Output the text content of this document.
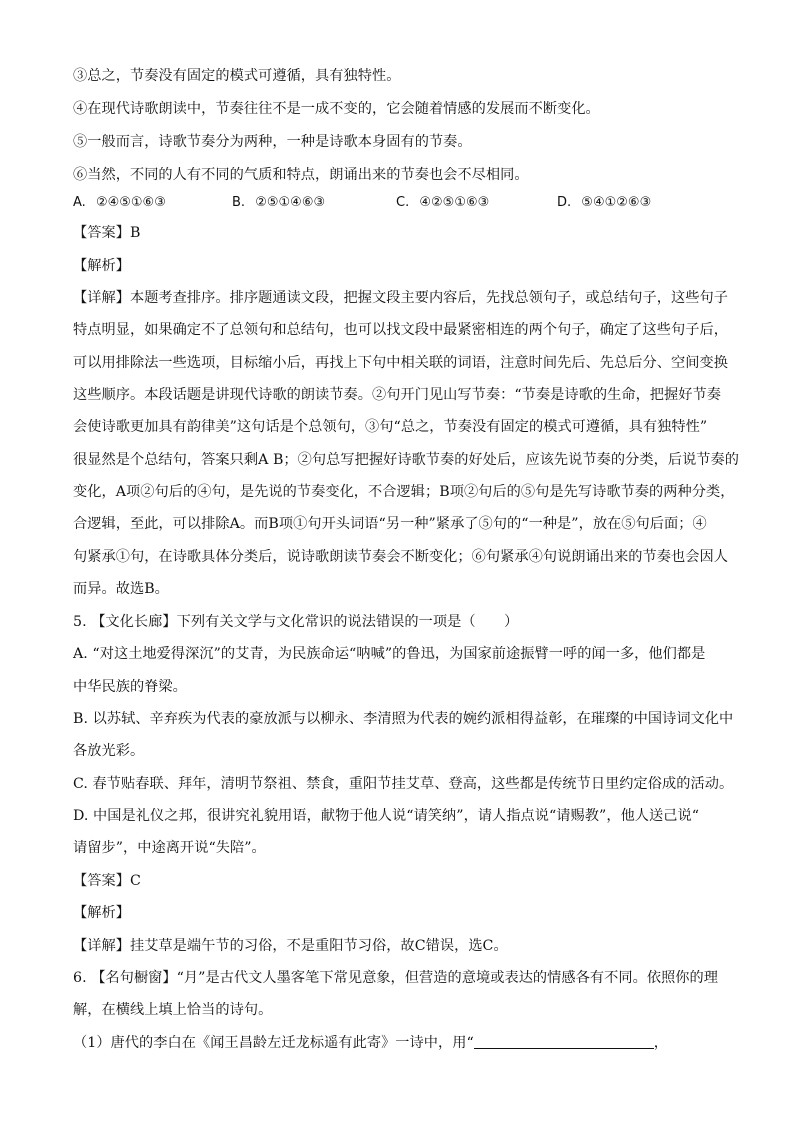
③总之，节奏没有固定的模式可遵循，具有独特性。
④在现代诗歌朗读中，节奏往往不是一成不变的，它会随着情感的发展而不断变化。
⑤一般而言，诗歌节奏分为两种，一种是诗歌本身固有的节奏。
⑥当然，不同的人有不同的气质和特点，朗诵出来的节奏也会不尽相同。
A. ②④⑤①⑥③	B. ②⑤①④⑥③	C. ④②⑤①⑥③	D. ⑤④①②⑥③
【答案】B
【解析】
【详解】本题考查排序。排序题通读文段，把握文段主要内容后，先找总领句子，或总结句子，这些句子
特点明显，如果确定不了总领句和总结句，也可以找文段中最紧密相连的两个句子，确定了这些句子后，
可以用排除法一些选项，目标缩小后，再找上下句中相关联的词语，注意时间先后、先总后分、空间变换
这些顺序。本段话题是讲现代诗歌的朗读节奏。②句开门见山写节奏：“节奏是诗歌的生命，把握好节奏
会使诗歌更加具有韵律美”这句话是个总领句，③句“总之，节奏没有固定的模式可遵循，具有独特性”
很显然是个总结句，答案只剩A B；②句总写把握好诗歌节奏的好处后，应该先说节奏的分类，后说节奏的
变化，A项②句后的④句，是先说的节奏变化，不合逻辑；B项②句后的⑤句是先写诗歌节奏的两种分类，
合逻辑，至此，可以排除A。而B项①句开头词语“另一种”紧承了⑤句的“一种是”，放在⑤句后面；④
句紧承①句，在诗歌具体分类后，说诗歌朗读节奏会不断变化；⑥句紧承④句说朗诵出来的节奏也会因人
而异。故选B。
5. 【文化长廊】下列有关文学与文化常识的说法错误的一项是（　　）
A. “对这土地爱得深沉”的艾青，为民族命运“呐喊”的鲁迅，为国家前途振臂一呼的闻一多，他们都是
中华民族的脊梁。
B. 以苏轼、辛弃疾为代表的豪放派与以柳永、李清照为代表的婉约派相得益彰，在璀璨的中国诗词文化中
各放光彩。
C. 春节贴春联、拜年，清明节祭祖、禁食，重阳节挂艾草、登高，这些都是传统节日里约定俗成的活动。
D. 中国是礼仪之邦，很讲究礼貌用语，献物于他人说“请笑纳”，请人指点说“请赐教”，他人送己说“
请留步”，中途离开说“失陪”。
【答案】C
【解析】
【详解】挂艾草是端午节的习俗，不是重阳节习俗，故C错误，选C。
6. 【名句橱窗】“月”是古代文人墨客笔下常见意象，但营造的意境或表达的情感各有不同。依照你的理
解，在横线上填上恰当的诗句。
（1）唐代的李白在《闻王昌龄左迁龙标遥有此寄》一诗中，用“	，
